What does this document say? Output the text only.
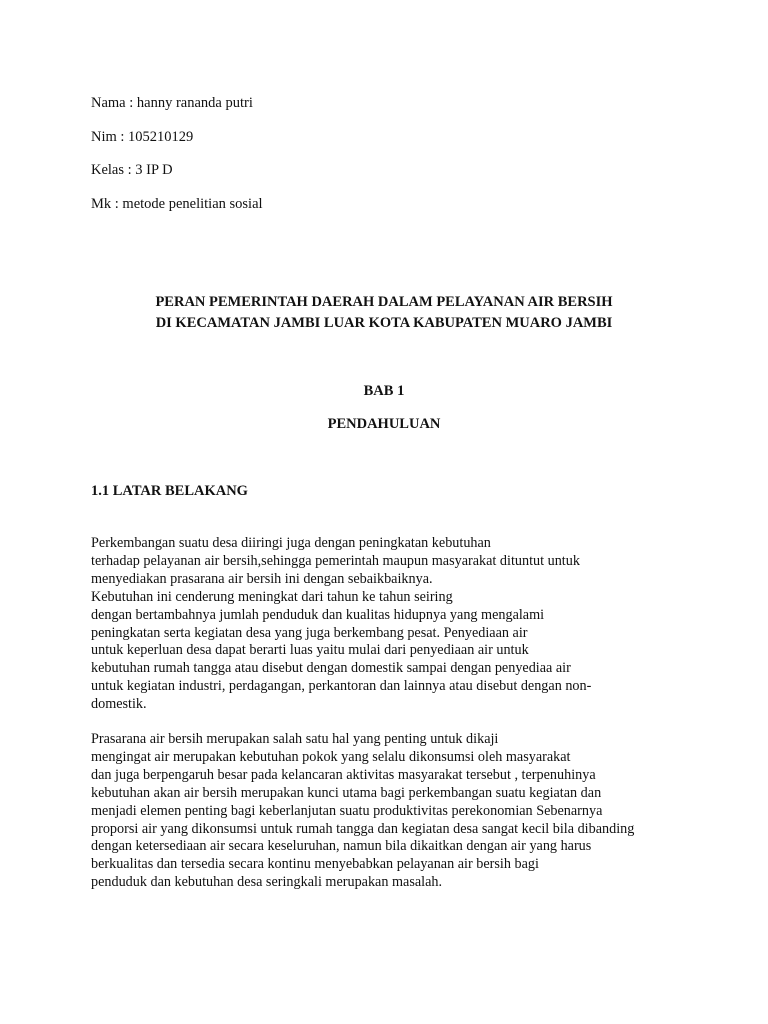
Nama : hanny rananda putri
Nim : 105210129
Kelas : 3 IP D
Mk : metode penelitian sosial
PERAN PEMERINTAH DAERAH DALAM PELAYANAN AIR BERSIH
DI KECAMATAN JAMBI LUAR KOTA KABUPATEN MUARO JAMBI
BAB 1
PENDAHULUAN
1.1 LATAR BELAKANG
Perkembangan suatu desa diiringi juga dengan peningkatan kebutuhan
terhadap pelayanan air bersih,sehingga pemerintah maupun masyarakat dituntut untuk
menyediakan prasarana air bersih ini dengan sebaikbaiknya.
Kebutuhan ini cenderung meningkat dari tahun ke tahun seiring
dengan bertambahnya jumlah penduduk dan kualitas hidupnya yang mengalami
peningkatan serta kegiatan desa yang juga berkembang pesat. Penyediaan air
untuk keperluan desa dapat berarti luas yaitu mulai dari penyediaan air untuk
kebutuhan rumah tangga atau disebut dengan domestik sampai dengan penyediaa air
untuk kegiatan industri, perdagangan, perkantoran dan lainnya atau disebut dengan non-
domestik.
Prasarana air bersih merupakan salah satu hal yang penting untuk dikaji
mengingat air merupakan kebutuhan pokok yang selalu dikonsumsi oleh masyarakat
dan juga berpengaruh besar pada kelancaran aktivitas masyarakat tersebut , terpenuhinya
kebutuhan akan air bersih merupakan kunci utama bagi perkembangan suatu kegiatan dan
menjadi elemen penting bagi keberlanjutan suatu produktivitas perekonomian Sebenarnya
proporsi air yang dikonsumsi untuk rumah tangga dan kegiatan desa sangat kecil bila dibanding
dengan ketersediaan air secara keseluruhan, namun bila dikaitkan dengan air yang harus
berkualitas dan tersedia secara kontinu menyebabkan pelayanan air bersih bagi
penduduk dan kebutuhan desa seringkali merupakan masalah.
